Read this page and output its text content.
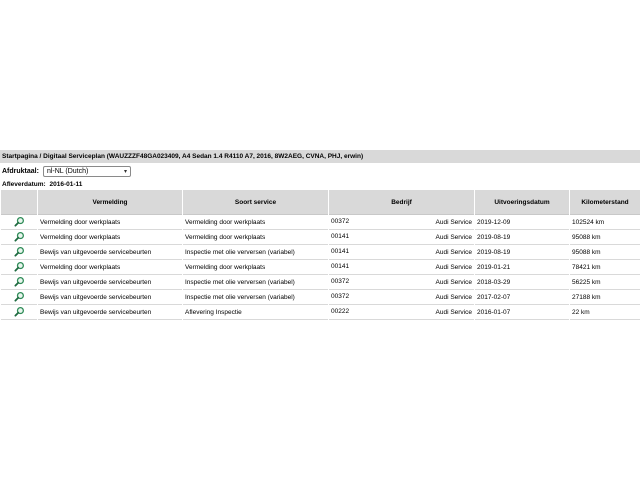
Startpagina / Digitaal Serviceplan (WAUZZZF48GA023409, A4 Sedan 1.4 R4110 A7, 2016, 8W2AEG, CVNA, PHJ, erwin)
Afdruktaal: nl-NL (Dutch)	▾
Afleverdatum: 2016-01-11
	Vermelding	Soort service	Bedrijf	Uitvoeringsdatum	Kilometerstand
	Vermelding door werkplaats	Vermelding door werkplaats	00372 Audi Service	2019-12-09	102524 km
	Vermelding door werkplaats	Vermelding door werkplaats	00141 Audi Service	2019-08-19	95088 km
	Bewijs van uitgevoerde servicebeurten	Inspectie met olie verversen (variabel)	00141 Audi Service	2019-08-19	95088 km
	Vermelding door werkplaats	Vermelding door werkplaats	00141 Audi Service	2019-01-21	78421 km
	Bewijs van uitgevoerde servicebeurten	Inspectie met olie verversen (variabel)	00372 Audi Service	2018-03-29	56225 km
	Bewijs van uitgevoerde servicebeurten	Inspectie met olie verversen (variabel)	00372 Audi Service	2017-02-07	27188 km
	Bewijs van uitgevoerde servicebeurten	Aflevering Inspectie	00222 Audi Service	2016-01-07	22 km
